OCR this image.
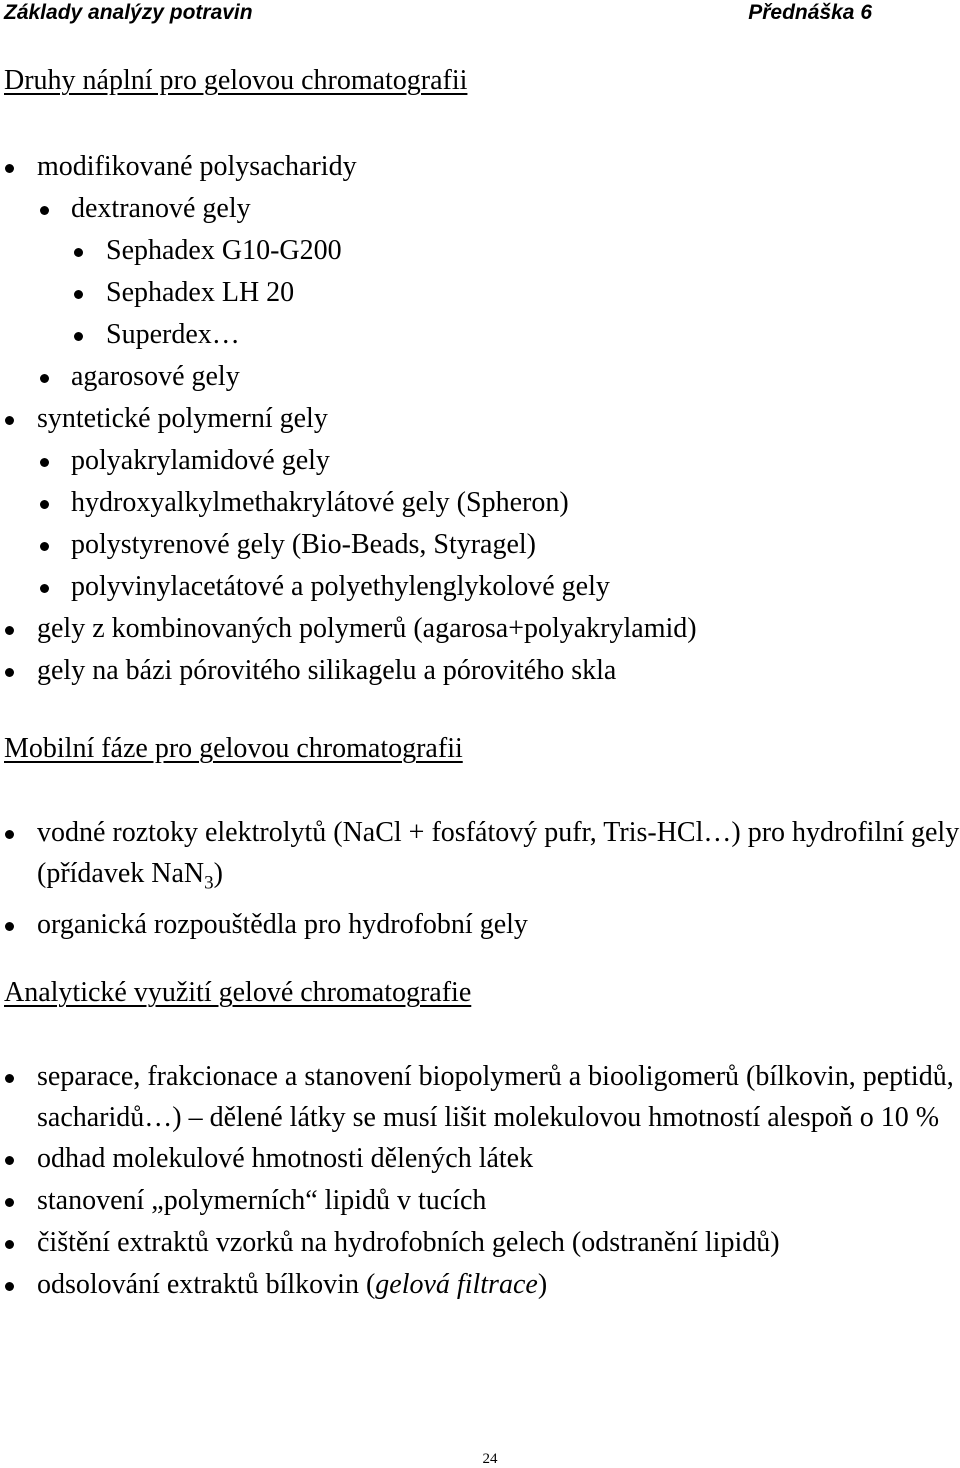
Základy analýzy potravin	Přednáška 6
Druhy náplní pro gelovou chromatografii
modifikované polysacharidy
dextranové gely
Sephadex G10-G200
Sephadex LH 20
Superdex…
agarosové gely
syntetické polymerní gely
polyakrylamidové gely
hydroxyalkylmethakrylátové gely (Spheron)
polystyrenové gely (Bio-Beads, Styragel)
polyvinylacetátové a polyethylenglykolové gely
gely z kombinovaných polymerů (agarosa+polyakrylamid)
gely na bázi pórovitého silikagelu a pórovitého skla
Mobilní fáze pro gelovou chromatografii
vodné roztoky elektrolytů (NaCl + fosfátový pufr, Tris-HCl…) pro hydrofilní gely (přídavek NaN$_3$)
organická rozpouštědla pro hydrofobní gely
Analytické využití gelové chromatografie
separace, frakcionace a stanovení biopolymerů a biooligomerů (bílkovin, peptidů, sacharidů…) – dělené látky se musí lišit molekulovou hmotností alespoň o 10 %
odhad molekulové hmotnosti dělených látek
stanovení „polymerních“ lipidů v tucích
čištění extraktů vzorků na hydrofobních gelech (odstranění lipidů)
odsolování extraktů bílkovin (gelová filtrace)
24
